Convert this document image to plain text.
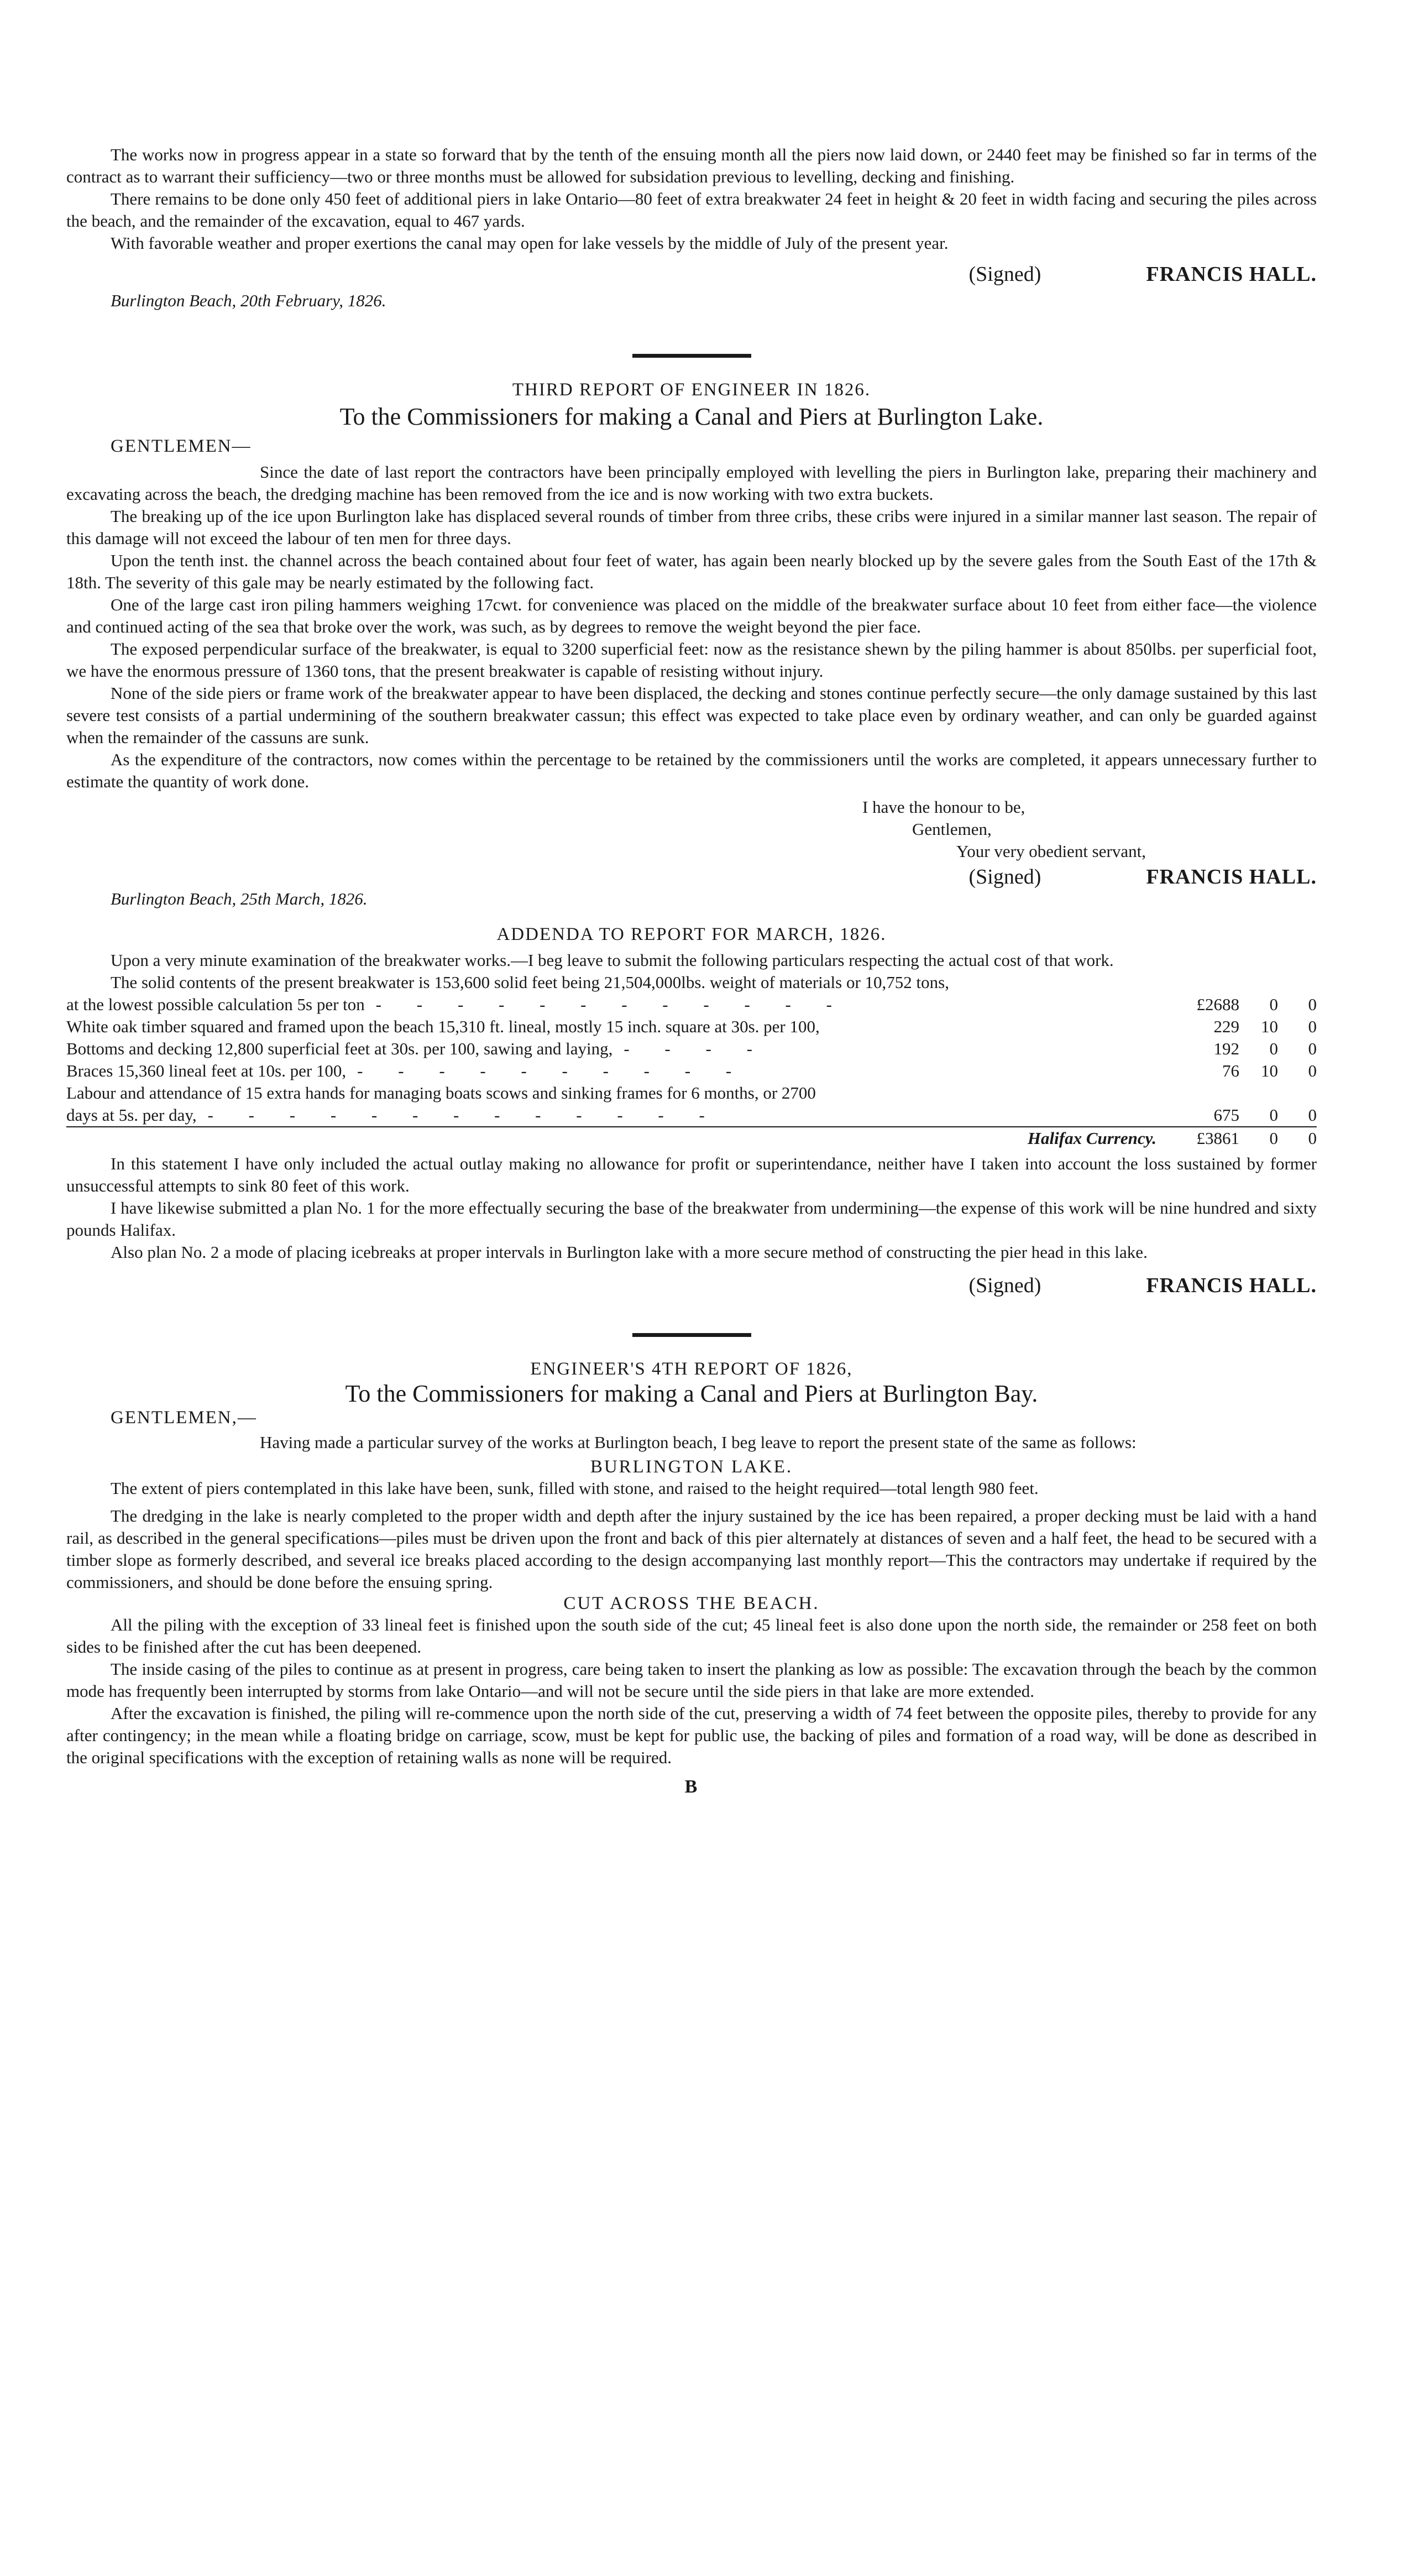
The works now in progress appear in a state so forward that by the tenth of the ensuing month all the piers now laid down, or 2440 feet may be finished so far in terms of the contract as to warrant their sufficiency—two or three months must be allowed for subsidation previous to levelling, decking and finishing.

There remains to be done only 450 feet of additional piers in lake Ontario—80 feet of extra breakwater 24 feet in height & 20 feet in width facing and securing the piles across the beach, and the remainder of the excavation, equal to 467 yards.

With favorable weather and proper exertions the canal may open for lake vessels by the middle of July of the present year.

(Signed)	FRANCIS HALL.

Burlington Beach, 20th February, 1826.

THIRD REPORT OF ENGINEER IN 1826.

To the Commissioners for making a Canal and Piers at Burlington Lake.

GENTLEMEN—

Since the date of last report the contractors have been principally employed with levelling the piers in Burlington lake, preparing their machinery and excavating across the beach, the dredging machine has been removed from the ice and is now working with two extra buckets.

The breaking up of the ice upon Burlington lake has displaced several rounds of timber from three cribs, these cribs were injured in a similar manner last season. The repair of this damage will not exceed the labour of ten men for three days.

Upon the tenth inst. the channel across the beach contained about four feet of water, has again been nearly blocked up by the severe gales from the South East of the 17th & 18th. The severity of this gale may be nearly estimated by the following fact.

One of the large cast iron piling hammers weighing 17cwt. for convenience was placed on the middle of the breakwater surface about 10 feet from either face—the violence and continued acting of the sea that broke over the work, was such, as by degrees to remove the weight beyond the pier face.

The exposed perpendicular surface of the breakwater, is equal to 3200 superficial feet: now as the resistance shewn by the piling hammer is about 850lbs. per superficial foot, we have the enormous pressure of 1360 tons, that the present breakwater is capable of resisting without injury.

None of the side piers or frame work of the breakwater appear to have been displaced, the decking and stones continue perfectly secure—the only damage sustained by this last severe test consists of a partial undermining of the southern breakwater cassun; this effect was expected to take place even by ordinary weather, and can only be guarded against when the remainder of the cassuns are sunk.

As the expenditure of the contractors, now comes within the percentage to be retained by the commissioners until the works are completed, it appears unnecessary further to estimate the quantity of work done.

I have the honour to be,

Gentlemen,

Your very obedient servant,

(Signed)	FRANCIS HALL.

Burlington Beach, 25th March, 1826.

ADDENDA TO REPORT FOR MARCH, 1826.

Upon a very minute examination of the breakwater works.—I beg leave to submit the following particulars respecting the actual cost of that work.

The solid contents of the present breakwater is 153,600 solid feet being 21,504,000lbs. weight of materials or 10,752 tons,

at the lowest possible calculation 5s per ton - - - - - - - - - - - -	£2688	0	0
White oak timber squared and framed upon the beach 15,310 ft. lineal, mostly 15 inch. square at 30s. per 100,	229	10	0
Bottoms and decking 12,800 superficial feet at 30s. per 100, sawing and laying, - - - -	192	0	0
Braces 15,360 lineal feet at 10s. per 100, - - - - - - - - - -	76	10	0
Labour and attendance of 15 extra hands for managing boats scows and sinking frames for 6 months, or 2700			
days at 5s. per day, - - - - - - - - - - - - -	675	0	0
Halifax Currency.	£3861	0	0

In this statement I have only included the actual outlay making no allowance for profit or superintendance, neither have I taken into account the loss sustained by former unsuccessful attempts to sink 80 feet of this work.

I have likewise submitted a plan No. 1 for the more effectually securing the base of the breakwater from undermining—the expense of this work will be nine hundred and sixty pounds Halifax.

Also plan No. 2 a mode of placing icebreaks at proper intervals in Burlington lake with a more secure method of constructing the pier head in this lake.

(Signed)	FRANCIS HALL.

ENGINEER'S 4TH REPORT OF 1826,

To the Commissioners for making a Canal and Piers at Burlington Bay.

GENTLEMEN,—

Having made a particular survey of the works at Burlington beach, I beg leave to report the present state of the same as follows:

BURLINGTON LAKE.

The extent of piers contemplated in this lake have been, sunk, filled with stone, and raised to the height required—total length 980 feet.

The dredging in the lake is nearly completed to the proper width and depth after the injury sustained by the ice has been repaired, a proper decking must be laid with a hand rail, as described in the general specifications—piles must be driven upon the front and back of this pier alternately at distances of seven and a half feet, the head to be secured with a timber slope as formerly described, and several ice breaks placed according to the design accompanying last monthly report—This the contractors may undertake if required by the commissioners, and should be done before the ensuing spring.

CUT ACROSS THE BEACH.

All the piling with the exception of 33 lineal feet is finished upon the south side of the cut; 45 lineal feet is also done upon the north side, the remainder or 258 feet on both sides to be finished after the cut has been deepened.

The inside casing of the piles to continue as at present in progress, care being taken to insert the planking as low as possible: The excavation through the beach by the common mode has frequently been interrupted by storms from lake Ontario—and will not be secure until the side piers in that lake are more extended.

After the excavation is finished, the piling will re-commence upon the north side of the cut, preserving a width of 74 feet between the opposite piles, thereby to provide for any after contingency; in the mean while a floating bridge on carriage, scow, must be kept for public use, the backing of piles and formation of a road way, will be done as described in the original specifications with the exception of retaining walls as none will be required.

B
